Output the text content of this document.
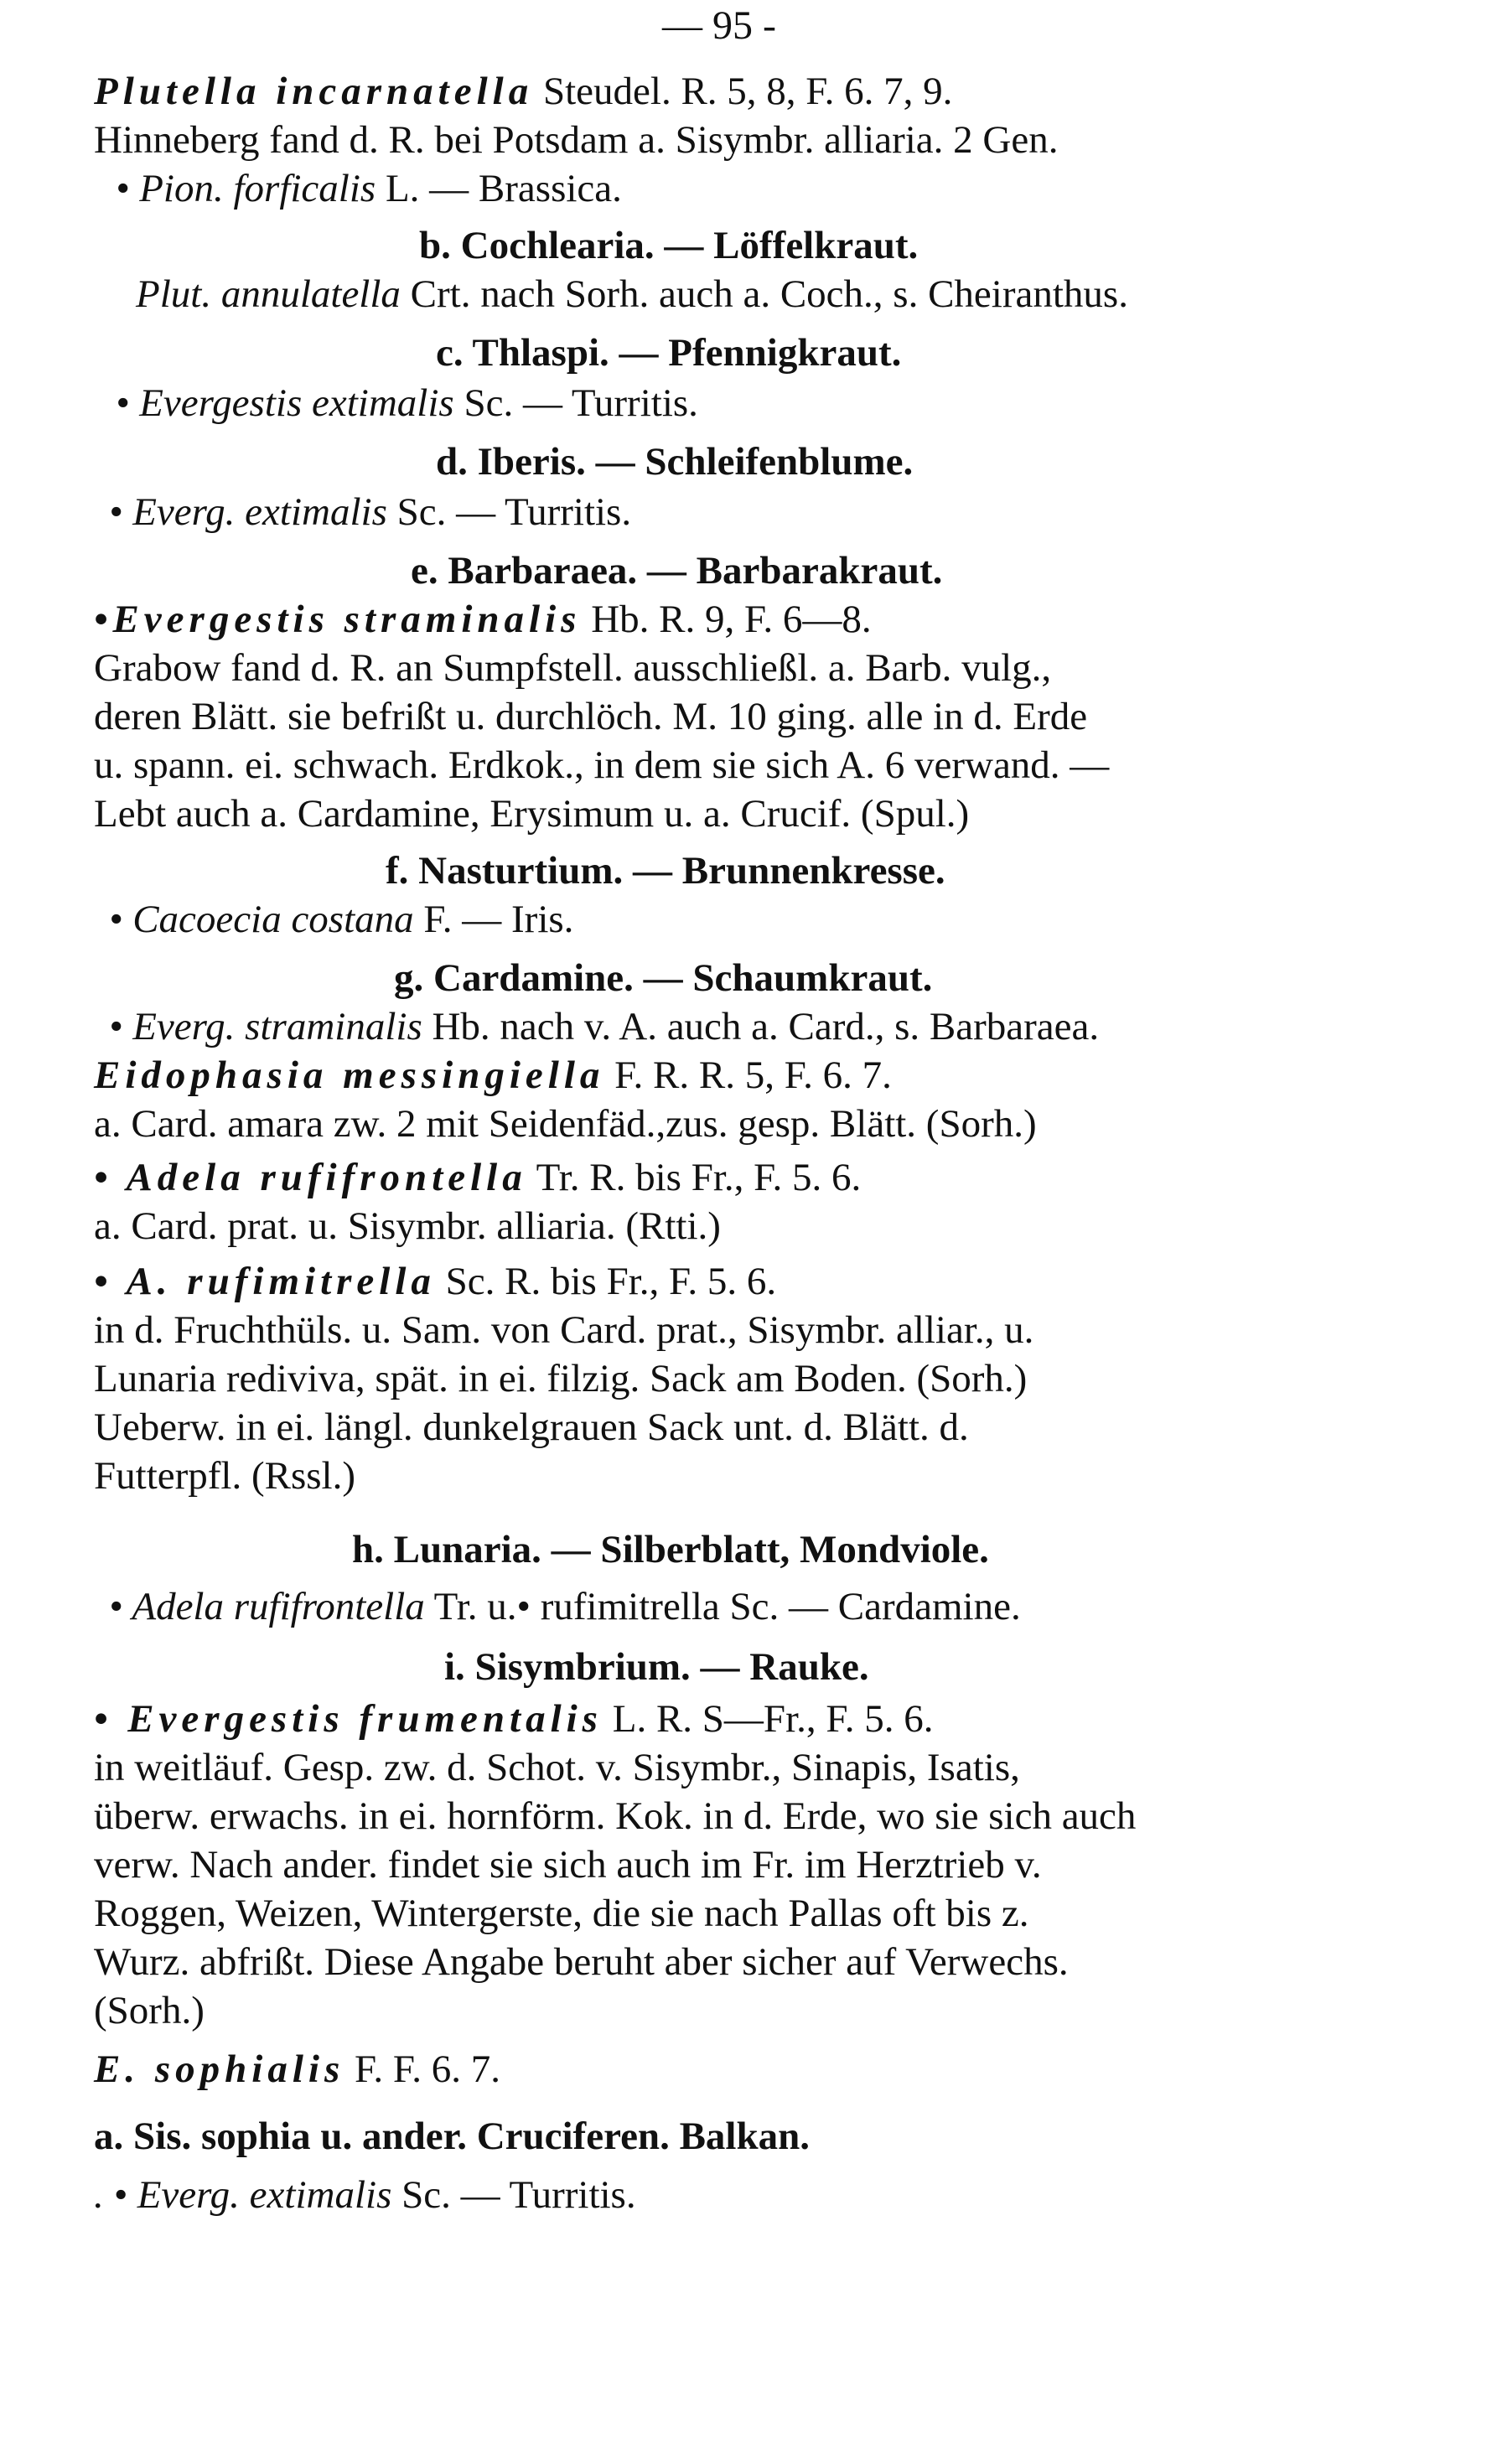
— 95 -
Plutella incarnatella Steudel. R. 5, 8, F. 6. 7, 9.
Hinneberg fand d. R. bei Potsdam a. Sisymbr. alliaria. 2 Gen.
• Pion. forficalis L. — Brassica.
b. Cochlearia. — Löffelkraut.
Plut. annulatella Crt. nach Sorh. auch a. Coch., s. Cheiranthus.
c. Thlaspi. — Pfennigkraut.
• Evergestis extimalis Sc. — Turritis.
d. Iberis. — Schleifenblume.
• Everg. extimalis Sc. — Turritis.
e. Barbaraea. — Barbarakraut.
•Evergestis straminalis Hb. R. 9, F. 6—8.
Grabow fand d. R. an Sumpfstell. ausschließl. a. Barb. vulg.,
deren Blätt. sie befrißt u. durchlöch. M. 10 ging. alle in d. Erde
u. spann. ei. schwach. Erdkok., in dem sie sich A. 6 verwand. —
Lebt auch a. Cardamine, Erysimum u. a. Crucif. (Spul.)
f. Nasturtium. — Brunnenkresse.
• Cacoecia costana F. — Iris.
g. Cardamine. — Schaumkraut.
• Everg. straminalis Hb. nach v. A. auch a. Card., s. Barbaraea.
Eidophasia messingiella F. R. R. 5, F. 6. 7.
a. Card. amara zw. 2 mit Seidenfäd.,zus. gesp. Blätt. (Sorh.)
• Adela rufifrontella Tr. R. bis Fr., F. 5. 6.
a. Card. prat. u. Sisymbr. alliaria. (Rtti.)
• A. rufimitrella Sc. R. bis Fr., F. 5. 6.
in d. Fruchthüls. u. Sam. von Card. prat., Sisymbr. alliar., u.
Lunaria rediviva, spät. in ei. filzig. Sack am Boden. (Sorh.)
Ueberw. in ei. längl. dunkelgrauen Sack unt. d. Blätt. d.
Futterpfl. (Rssl.)
h. Lunaria. — Silberblatt, Mondviole.
• Adela rufifrontella Tr. u.• rufimitrella Sc. — Cardamine.
i. Sisymbrium. — Rauke.
• Evergestis frumentalis L. R. S—Fr., F. 5. 6.
in weitläuf. Gesp. zw. d. Schot. v. Sisymbr., Sinapis, Isatis,
überw. erwachs. in ei. hornförm. Kok. in d. Erde, wo sie sich auch
verw. Nach ander. findet sie sich auch im Fr. im Herztrieb v.
Roggen, Weizen, Wintergerste, die sie nach Pallas oft bis z.
Wurz. abfrißt. Diese Angabe beruht aber sicher auf Verwechs.
(Sorh.)
E. sophialis F. F. 6. 7.
a. Sis. sophia u. ander. Cruciferen. Balkan.
. • Everg. extimalis Sc. — Turritis.
